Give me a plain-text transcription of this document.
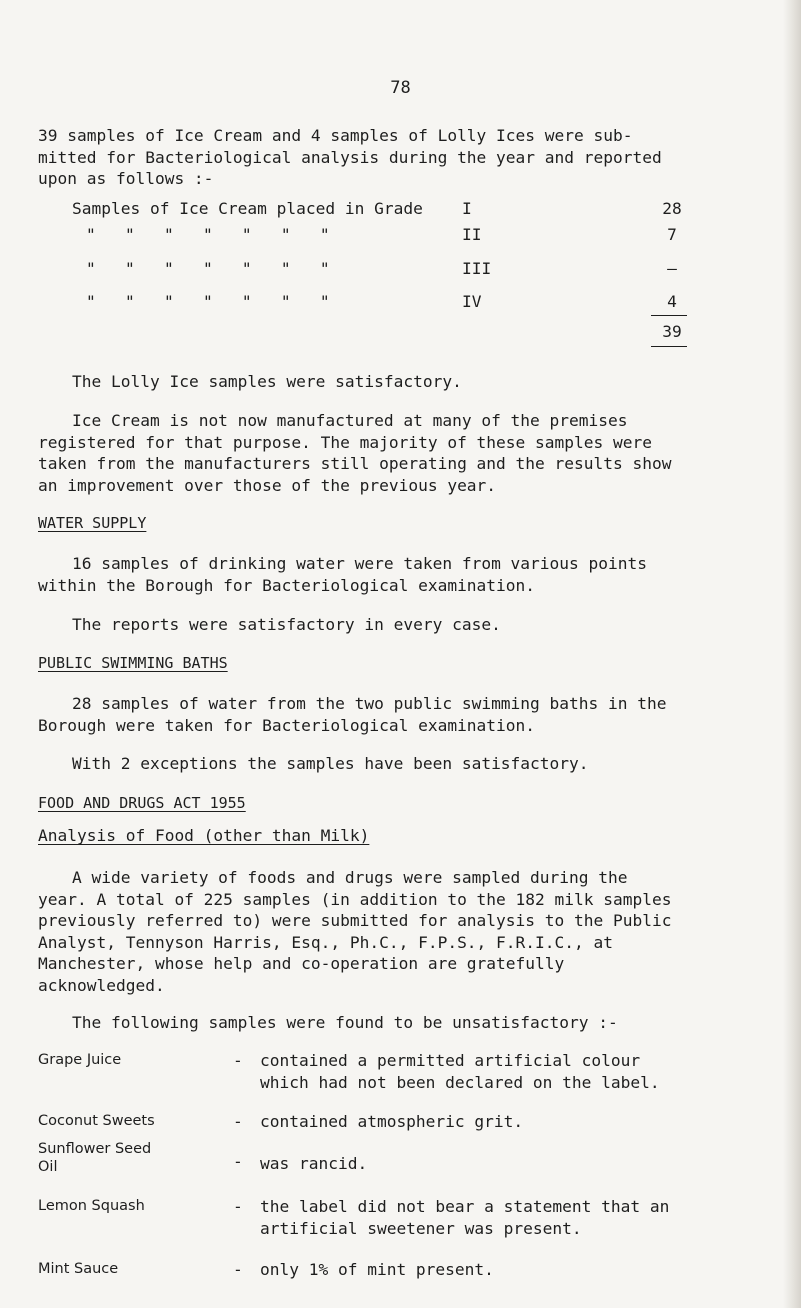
78

39 samples of Ice Cream and 4 samples of Lolly Ices were sub-
mitted for Bacteriological analysis during the year and reported
upon as follows :-

Samples of Ice Cream placed in Grade I	28
"   "   "   "   "   "   "	II	7
"   "   "   "   "   "   "	III	–
"   "   "   "   "   "   "	IV	4
39

The Lolly Ice samples were satisfactory.

Ice Cream is not now manufactured at many of the premises
registered for that purpose. The majority of these samples were
taken from the manufacturers still operating and the results show
an improvement over those of the previous year.

WATER SUPPLY

16 samples of drinking water were taken from various points
within the Borough for Bacteriological examination.

The reports were satisfactory in every case.

PUBLIC SWIMMING BATHS

28 samples of water from the two public swimming baths in the
Borough were taken for Bacteriological examination.

With 2 exceptions the samples have been satisfactory.

FOOD AND DRUGS ACT 1955

Analysis of Food (other than Milk)

A wide variety of foods and drugs were sampled during the
year. A total of 225 samples (in addition to the 182 milk samples
previously referred to) were submitted for analysis to the Public
Analyst, Tennyson Harris, Esq., Ph.C., F.P.S., F.R.I.C., at
Manchester, whose help and co-operation are gratefully
acknowledged.

The following samples were found to be unsatisfactory :-

Grape Juice	- contained a permitted artificial colour
which had not been declared on the label.
Coconut Sweets	- contained atmospheric grit.
Sunflower Seed
Oil	- was rancid.
Lemon Squash	- the label did not bear a statement that an
artificial sweetener was present.
Mint Sauce	- only 1% of mint present.
